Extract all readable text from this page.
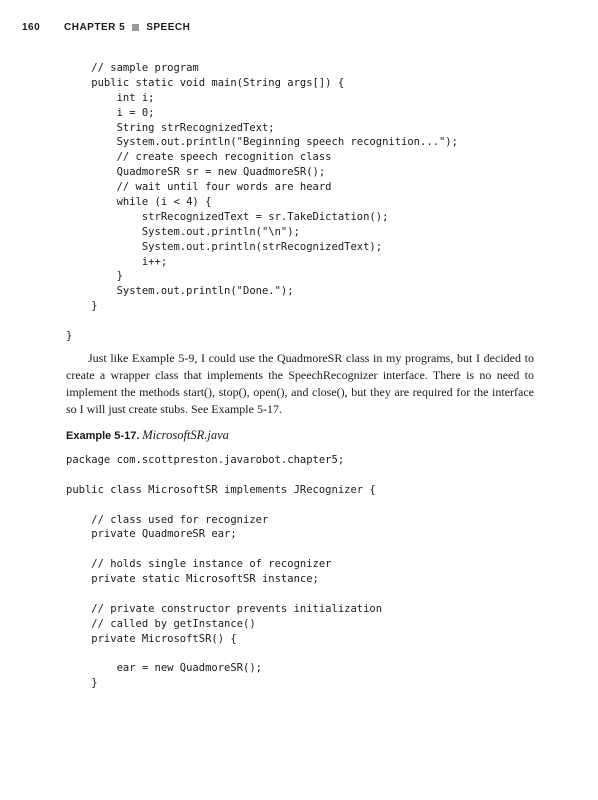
160	CHAPTER 5 SPEECH
// sample program
public static void main(String args[]) {
int i;
i = 0;
String strRecognizedText;
System.out.println("Beginning speech recognition...");
// create speech recognition class
QuadmoreSR sr = new QuadmoreSR();
// wait until four words are heard
while (i < 4) {
strRecognizedText = sr.TakeDictation();
System.out.println("\n");
System.out.println(strRecognizedText);
i++;
}
System.out.println("Done.");
}
}

Just like Example 5-9, I could use the QuadmoreSR class in my programs, but I decided to create a wrapper class that implements the SpeechRecognizer interface. There is no need to implement the methods start(), stop(), open(), and close(), but they are required for the interface so I will just create stubs. See Example 5-17.

Example 5-17. MicrosoftSR.java

package com.scottpreston.javarobot.chapter5;
public class MicrosoftSR implements JRecognizer {
// class used for recognizer
private QuadmoreSR ear;
// holds single instance of recognizer
private static MicrosoftSR instance;
// private constructor prevents initialization
// called by getInstance()
private MicrosoftSR() {
ear = new QuadmoreSR();
}
